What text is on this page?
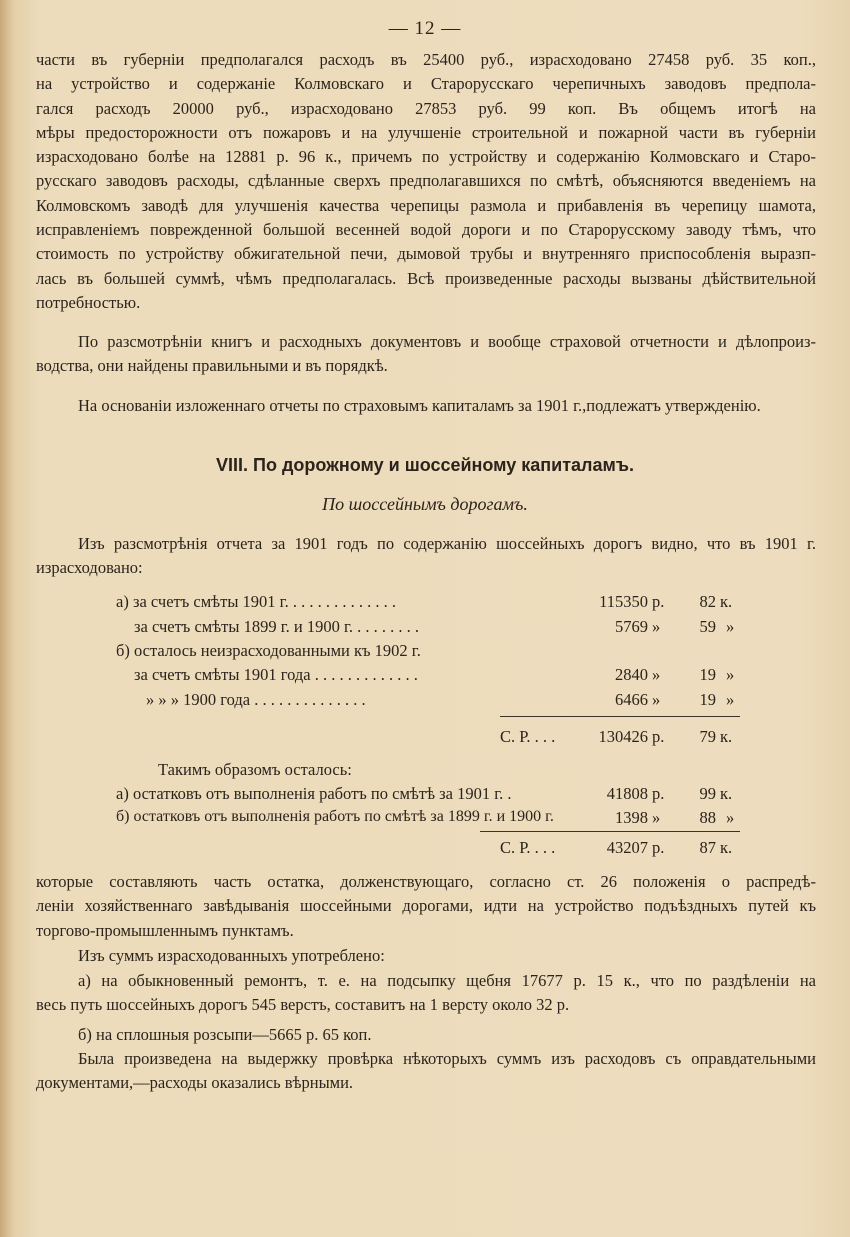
— 12 —
части въ губерніи предполагался расходъ въ 25400 руб., израсходовано 27458 руб. 35 коп.,
на устройство и содержаніе Колмовскаго и Старорусскаго черепичныхъ заводовъ предпола-
гался расходъ 20000 руб., израсходовано 27853 руб. 99 коп. Въ общемъ итогѣ на
мѣры предосторожности отъ пожаровъ и на улучшеніе строительной и пожарной части въ губерніи
израсходовано болѣе на 12881 р. 96 к., причемъ по устройству и содержанію Колмовскаго и Старо-
русскаго заводовъ расходы, сдѣланные сверхъ предполагавшихся по смѣтѣ, объясняются введеніемъ на
Колмовскомъ заводѣ для улучшенія качества черепицы размола и прибавленія въ черепицу шамота,
исправленіемъ поврежденной большой весенней водой дороги и по Старорусскому заводу тѣмъ, что
стоимость по устройству обжигательной печи, дымовой трубы и внутренняго приспособленія выразп-
лась въ большей суммѣ, чѣмъ предполагалась. Всѣ произведенные расходы вызваны дѣйствительной
потребностью.
По разсмотрѣніи книгъ и расходныхъ документовъ и вообще страховой отчетности и дѣлопроиз-
водства, они найдены правильными и въ порядкѣ.
На основаніи изложеннаго отчеты по страховымъ капиталамъ за 1901 г.,подлежатъ утвержденію.
VIII. По дорожному и шоссейному капиталамъ.
По шоссейнымъ дорогамъ.
Изъ разсмотрѣнія отчета за 1901 годъ по содержанію шоссейныхъ дорогъ видно, что въ 1901 г.
израсходовано:
а) за счетъ смѣты 1901 г. . . . . . . . . . . . . .	115350 р.	82 к.
за счетъ смѣты 1899 г. и 1900 г. . . . . . . . .	5769 »	59 »
б) осталось неизрасходованными къ 1902 г.
за счетъ смѣты 1901 года . . . . . . . . . . . . .	2840 »	19 »
» » » 1900 года . . . . . . . . . . . . . .	6466 »	19 »
С. Р. . . .	130426 р.	79 к.
Такимъ образомъ осталось:
а) остатковъ отъ выполненія работъ по смѣтѣ за 1901 г. .	41808 р.	99 к.
б) остатковъ отъ выполненія работъ по смѣтѣ за 1899 г. и 1900 г.	1398 »	88 »
С. Р. . . .	43207 р.	87 к.
которые составляють часть остатка, долженствующаго, согласно ст. 26 положенія о распредѣ-
леніи хозяйственнаго завѣдыванія шоссейными дорогами, идти на устройство подъѣздныхъ путей къ
торгово-промышленнымъ пунктамъ.
Изъ суммъ израсходованныхъ употреблено:
а) на обыкновенный ремонтъ, т. е. на подсыпку щебня 17677 р. 15 к., что по раздѣленіи на
весь путь шоссейныхъ дорогъ 545 верстъ, составитъ на 1 версту около 32 р.
б) на сплошныя розсыпи—5665 р. 65 коп.
Была произведена на выдержку провѣрка нѣкоторыхъ суммъ изъ расходовъ съ оправдательными
документами,—расходы оказались вѣрными.
